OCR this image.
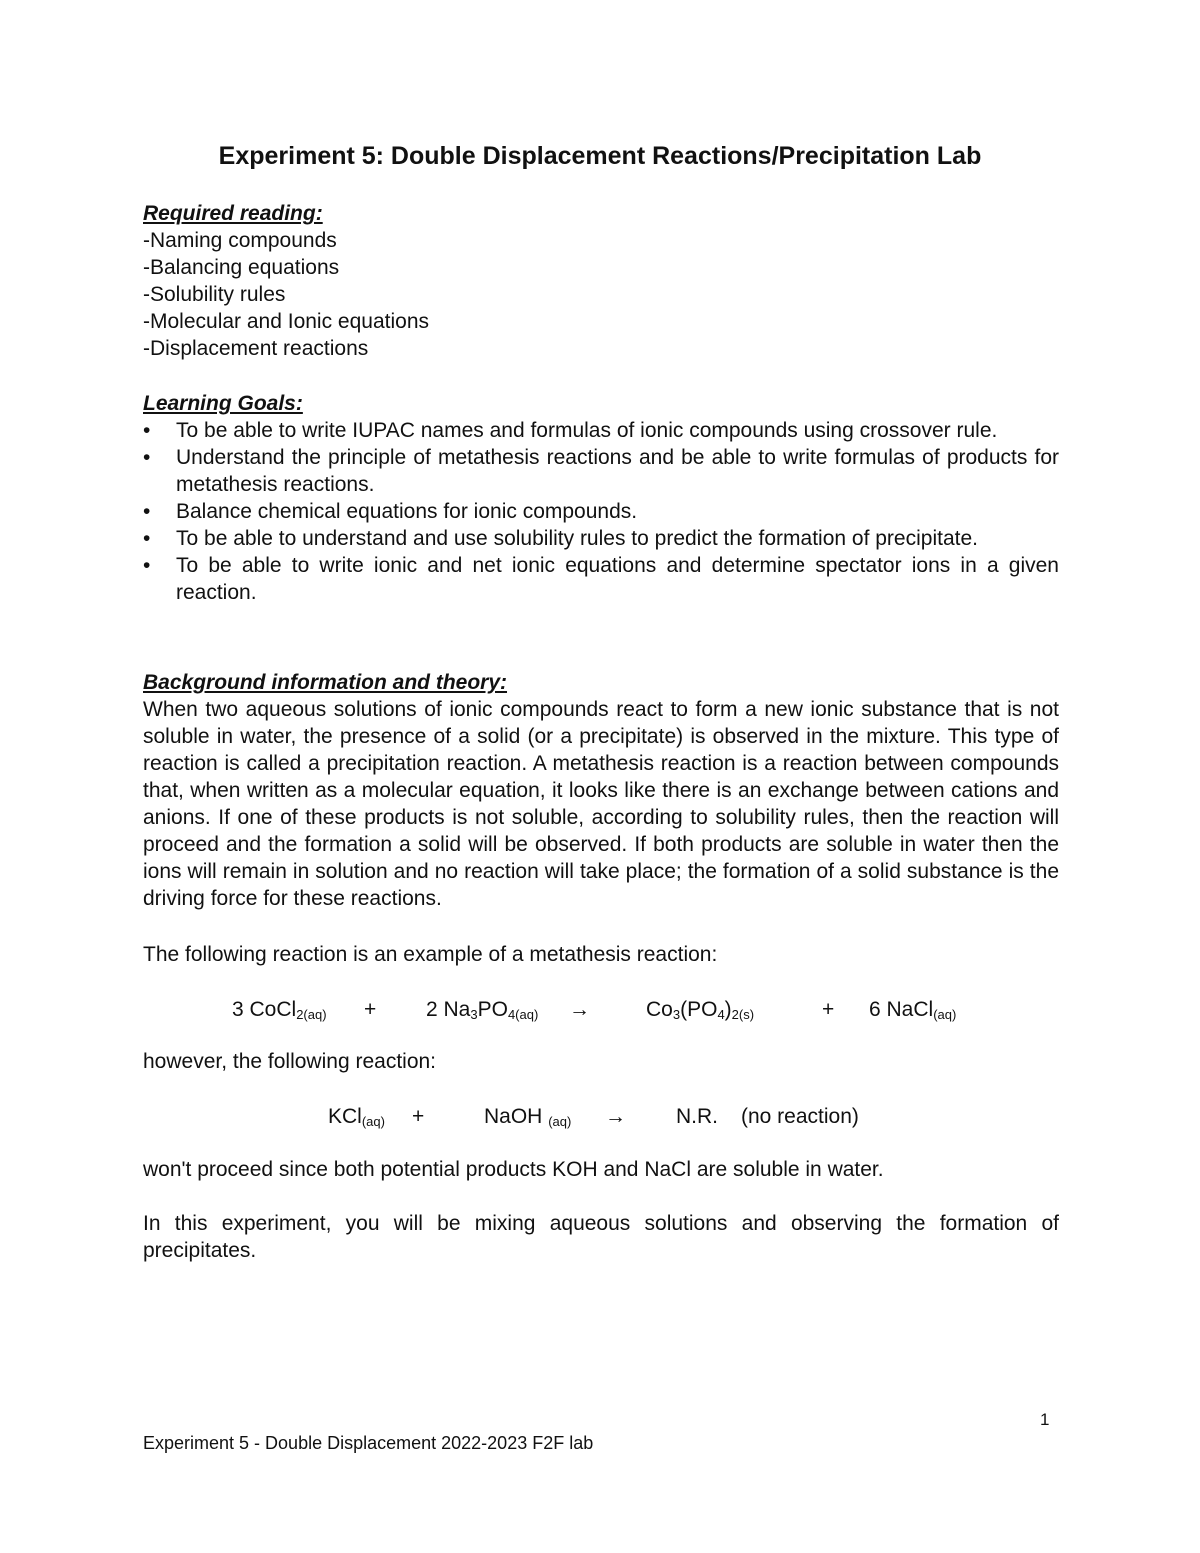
Experiment 5: Double Displacement Reactions/Precipitation Lab
Required reading:
-Naming compounds
-Balancing equations
-Solubility rules
-Molecular and Ionic equations
-Displacement reactions
Learning Goals:
• To be able to write IUPAC names and formulas of ionic compounds using crossover rule.
• Understand the principle of metathesis reactions and be able to write formulas of products for metathesis reactions.
• Balance chemical equations for ionic compounds.
• To be able to understand and use solubility rules to predict the formation of precipitate.
• To be able to write ionic and net ionic equations and determine spectator ions in a given reaction.
Background information and theory:
When two aqueous solutions of ionic compounds react to form a new ionic substance that is not soluble in water, the presence of a solid (or a precipitate) is observed in the mixture. This type of reaction is called a precipitation reaction. A metathesis reaction is a reaction between compounds that, when written as a molecular equation, it looks like there is an exchange between cations and anions. If one of these products is not soluble, according to solubility rules, then the reaction will proceed and the formation a solid will be observed. If both products are soluble in water then the ions will remain in solution and no reaction will take place; the formation of a solid substance is the driving force for these reactions.
The following reaction is an example of a metathesis reaction:
3 CoCl$_{2(aq)}$ + 2 $Na_3PO_{4(aq)}$ →	$Co_3(PO_4)_{2(s)}$	+ 6 NaCl$_{(aq)}$
however, the following reaction:
KCl$_{(aq)}$ +	NaOH $_{(aq)}$ → N.R. (no reaction)
won't proceed since both potential products KOH and NaCl are soluble in water.
In this experiment, you will be mixing aqueous solutions and observing the formation of precipitates.
1
Experiment 5 - Double Displacement 2022-2023 F2F lab
